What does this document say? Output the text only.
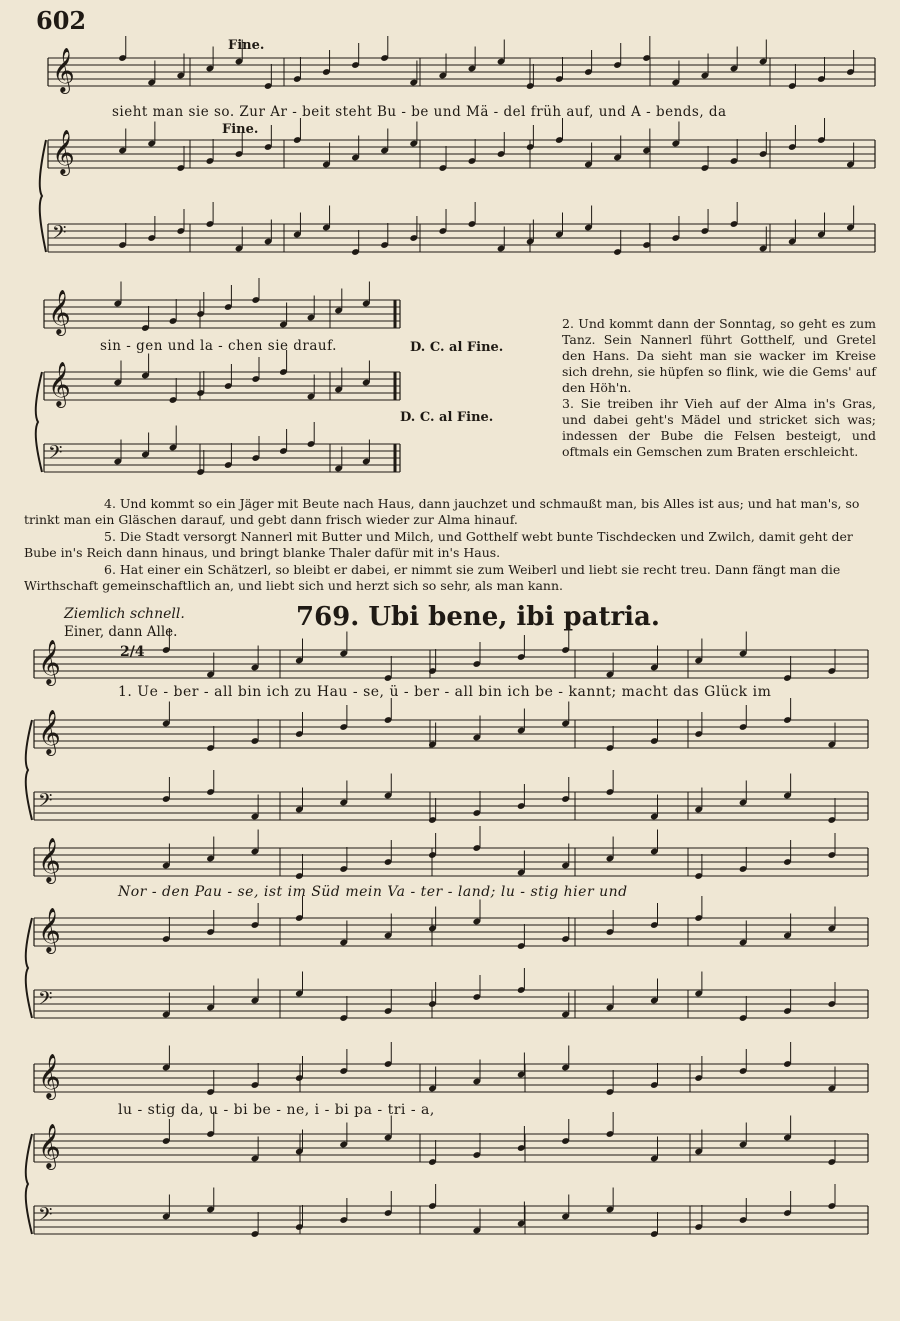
602
Fine.
Fine.
sieht man sie so. Zur Ar - beit steht Bu - be und Mä - del früh auf, und A - bends, da
sin - gen und la - chen sie drauf.	D. C. al Fine.
D. C. al Fine.
2. Und kommt dann der Sonntag, so geht es zum Tanz. Sein Nannerl führt Gotthelf, und Gretel den Hans. Da sieht man sie wacker im Kreise sich drehn, sie hüpfen so flink, wie die Gems' auf den Höh'n.
3. Sie treiben ihr Vieh auf der Alma in's Gras, und dabei geht's Mädel und stricket sich was; indessen der Bube die Felsen besteigt, und oftmals ein Gemschen zum Braten erschleicht.
4. Und kommt so ein Jäger mit Beute nach Haus, dann jauchzet und schmaußt man, bis Alles ist aus; und hat man's, so trinkt man ein Gläschen darauf, und gebt dann frisch wieder zur Alma hinauf.
5. Die Stadt versorgt Nannerl mit Butter und Milch, und Gotthelf webt bunte Tischdecken und Zwilch, damit geht der Bube in's Reich dann hinaus, und bringt blanke Thaler dafür mit in's Haus.
6. Hat einer ein Schätzerl, so bleibt er dabei, er nimmt sie zum Weiberl und liebt sie recht treu. Dann fängt man die Wirthschaft gemeinschaftlich an, und liebt sich und herzt sich so sehr, als man kann.
Ziemlich schnell.
Einer, dann Alle.	769. Ubi bene, ibi patria.
1. Ue - ber - all bin ich zu Hau - se, ü - ber - all bin ich be - kannt; macht das Glück im
Nor - den Pau - se, ist im Süd mein Va - ter - land; lu - stig hier und
lu - stig da, u - bi be - ne, i - bi pa - tri - a,
2/4
𝄞
𝄞
𝄢
𝄞
𝄞
𝄢
𝄞
𝄞
𝄢
𝄞
𝄞
𝄢
𝄞
𝄞
𝄢
